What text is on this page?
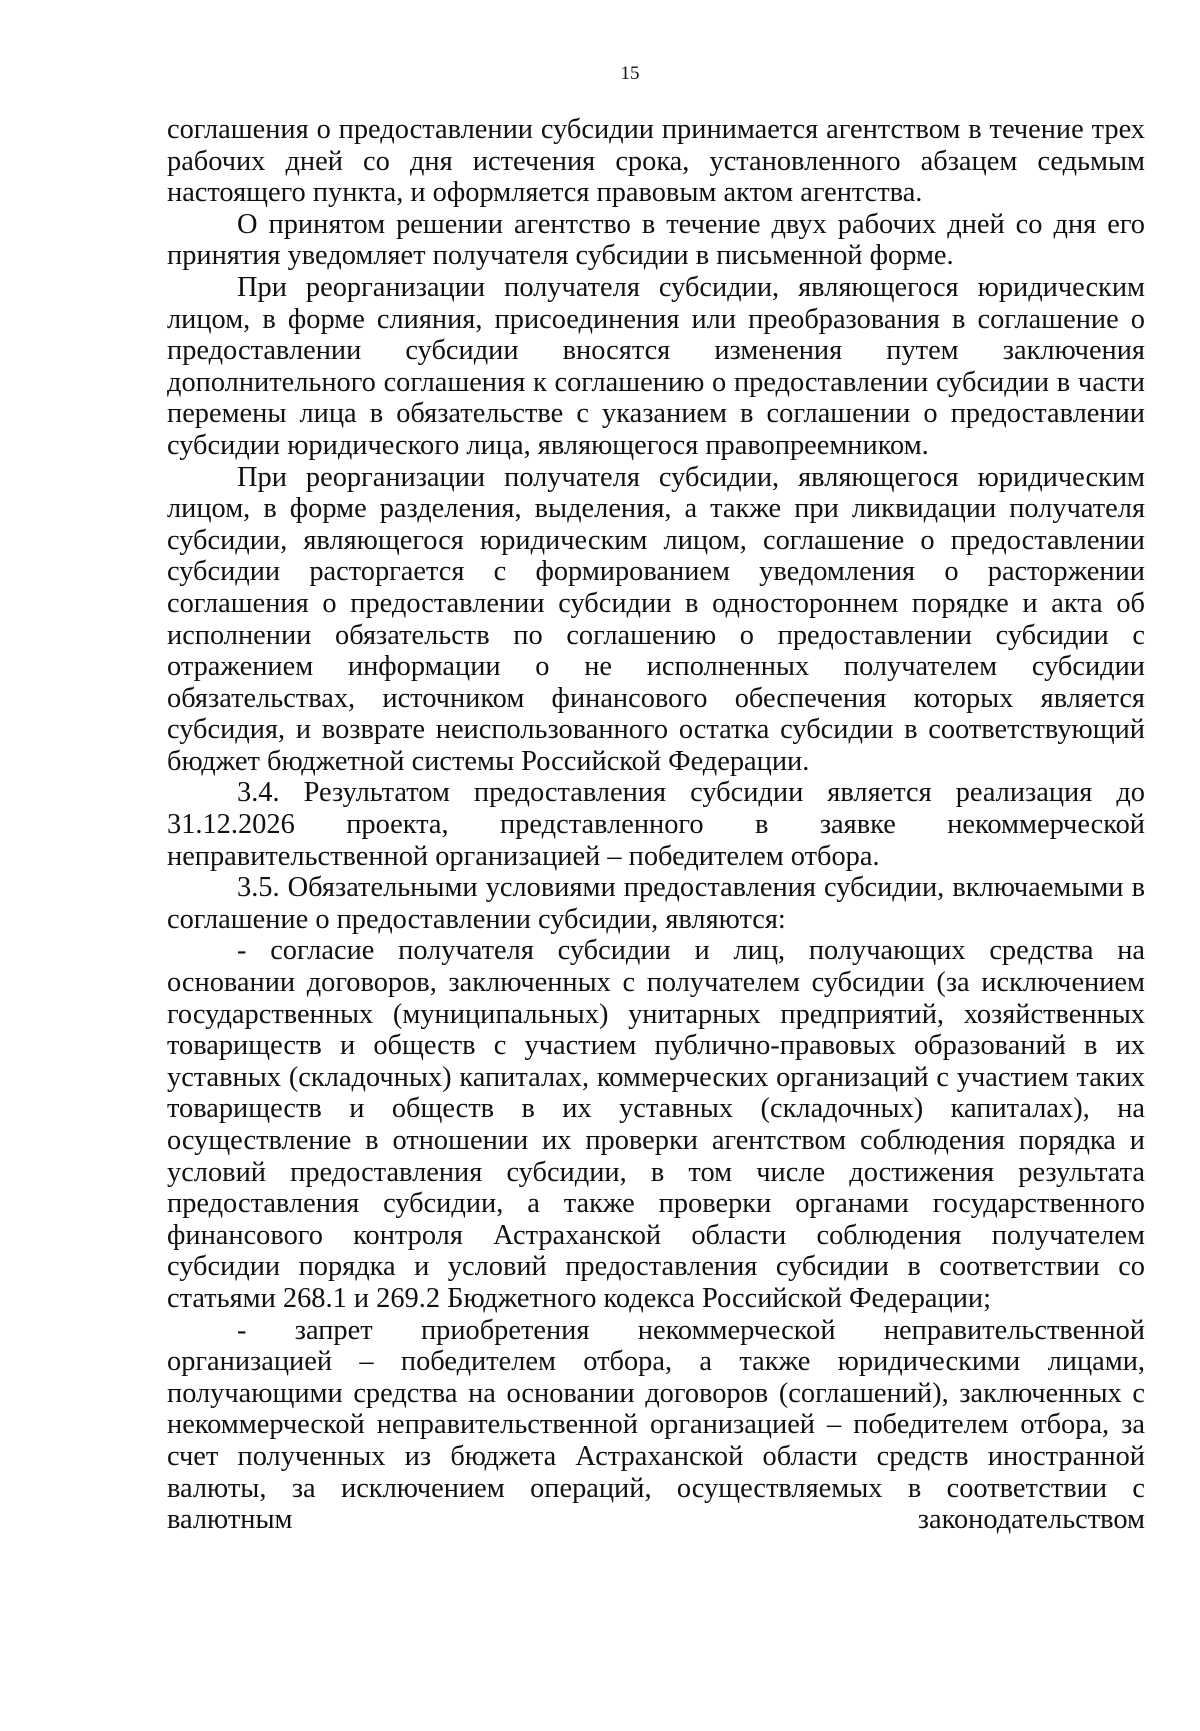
15

соглашения о предоставлении субсидии принимается агентством в течение трех рабочих дней со дня истечения срока, установленного абзацем седьмым настоящего пункта, и оформляется правовым актом агентства.

О принятом решении агентство в течение двух рабочих дней со дня его принятия уведомляет получателя субсидии в письменной форме.

При реорганизации получателя субсидии, являющегося юридическим лицом, в форме слияния, присоединения или преобразования в соглашение о предоставлении субсидии вносятся изменения путем заключения дополнительного соглашения к соглашению о предоставлении субсидии в части перемены лица в обязательстве с указанием в соглашении о предоставлении субсидии юридического лица, являющегося правопреемником.

При реорганизации получателя субсидии, являющегося юридическим лицом, в форме разделения, выделения, а также при ликвидации получателя субсидии, являющегося юридическим лицом, соглашение о предоставлении субсидии расторгается с формированием уведомления о расторжении соглашения о предоставлении субсидии в одностороннем порядке и акта об исполнении обязательств по соглашению о предоставлении субсидии с отражением информации о не исполненных получателем субсидии обязательствах, источником финансового обеспечения которых является субсидия, и возврате неиспользованного остатка субсидии в соответствующий бюджет бюджетной системы Российской Федерации.

3.4. Результатом предоставления субсидии является реализация до 31.12.2026 проекта, представленного в заявке некоммерческой неправительственной организацией – победителем отбора.

3.5. Обязательными условиями предоставления субсидии, включаемыми в соглашение о предоставлении субсидии, являются:

- согласие получателя субсидии и лиц, получающих средства на основании договоров, заключенных с получателем субсидии (за исключением государственных (муниципальных) унитарных предприятий, хозяйственных товариществ и обществ с участием публично-правовых образований в их уставных (складочных) капиталах, коммерческих организаций с участием таких товариществ и обществ в их уставных (складочных) капиталах), на осуществление в отношении их проверки агентством соблюдения порядка и условий предоставления субсидии, в том числе достижения результата предоставления субсидии, а также проверки органами государственного финансового контроля Астраханской области соблюдения получателем субсидии порядка и условий предоставления субсидии в соответствии со статьями 268.1 и 269.2 Бюджетного кодекса Российской Федерации;

- запрет приобретения некоммерческой неправительственной организацией – победителем отбора, а также юридическими лицами, получающими средства на основании договоров (соглашений), заключенных с некоммерческой неправительственной организацией – победителем отбора, за счет полученных из бюджета Астраханской области средств иностранной валюты, за исключением операций, осуществляемых в соответствии с валютным законодательством
